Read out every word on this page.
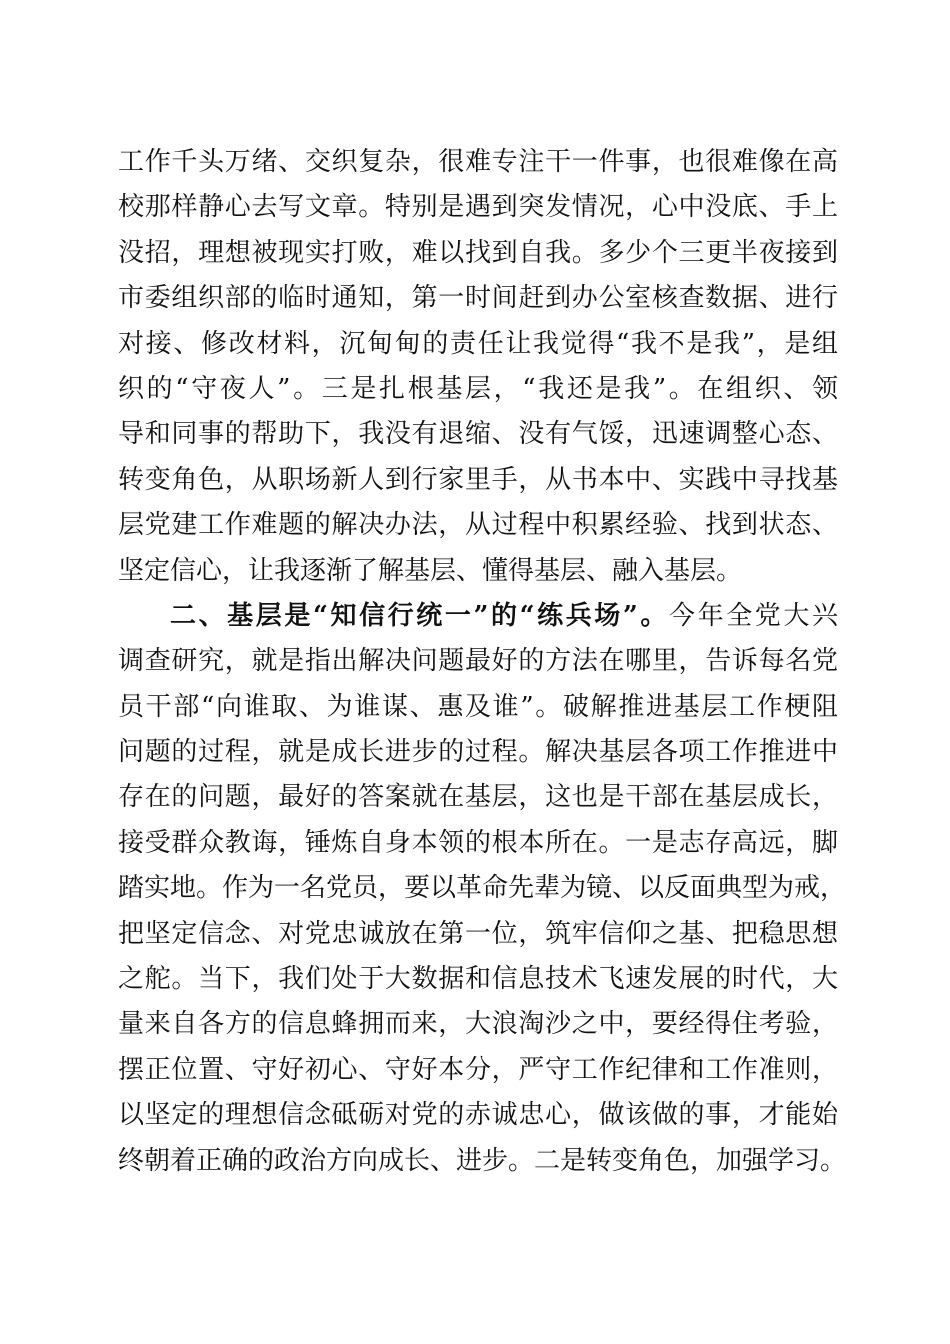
工作千头万绪、交织复杂，很难专注干一件事，也很难像在高
校那样静心去写文章。特别是遇到突发情况，心中没底、手上
没招，理想被现实打败，难以找到自我。多少个三更半夜接到
市委组织部的临时通知，第一时间赶到办公室核查数据、进行
对接、修改材料，沉甸甸的责任让我觉得“我不是我”，是组
织的“守夜人”。三是扎根基层，“我还是我”。在组织、领
导和同事的帮助下，我没有退缩、没有气馁，迅速调整心态、
转变角色，从职场新人到行家里手，从书本中、实践中寻找基
层党建工作难题的解决办法，从过程中积累经验、找到状态、
坚定信心，让我逐渐了解基层、懂得基层、融入基层。
二、基层是“知信行统一”的“练兵场”。今年全党大兴
调查研究，就是指出解决问题最好的方法在哪里，告诉每名党
员干部“向谁取、为谁谋、惠及谁”。破解推进基层工作梗阻
问题的过程，就是成长进步的过程。解决基层各项工作推进中
存在的问题，最好的答案就在基层，这也是干部在基层成长，
接受群众教诲，锤炼自身本领的根本所在。一是志存高远，脚
踏实地。作为一名党员，要以革命先辈为镜、以反面典型为戒，
把坚定信念、对党忠诚放在第一位，筑牢信仰之基、把稳思想
之舵。当下，我们处于大数据和信息技术飞速发展的时代，大
量来自各方的信息蜂拥而来，大浪淘沙之中，要经得住考验，
摆正位置、守好初心、守好本分，严守工作纪律和工作准则，
以坚定的理想信念砥砺对党的赤诚忠心，做该做的事，才能始
终朝着正确的政治方向成长、进步。二是转变角色，加强学习。
